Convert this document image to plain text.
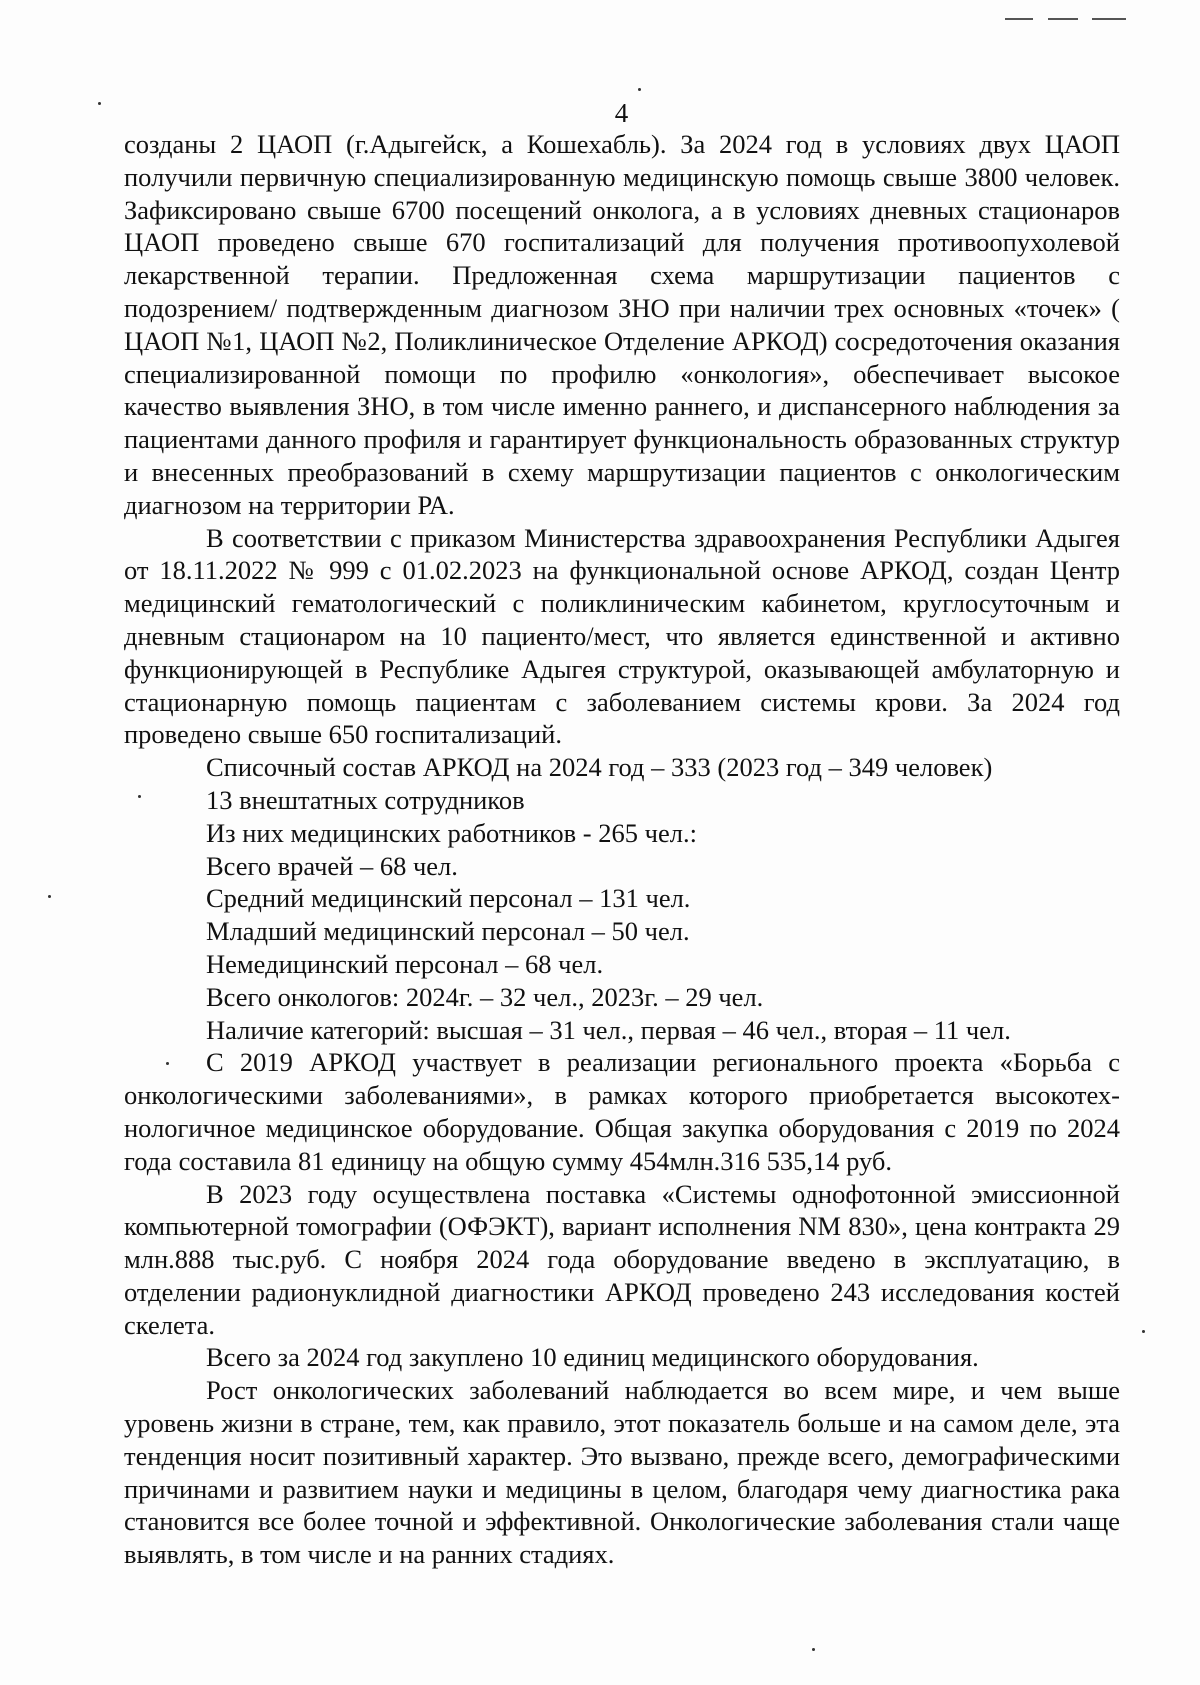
4

созданы 2 ЦАОП (г.Адыгейск, а Кошехабль). За 2024 год в условиях двух ЦАОП получили первичную специализированную медицинскую помощь свыше 3800 человек. Зафиксировано свыше 6700 посещений онколога, а в условиях дневных стационаров ЦАОП проведено свыше 670 госпитализаций для получения противоопухолевой лекарственной терапии. Предложенная схема маршрутизации пациентов с подозрением/ подтвержденным диагнозом ЗНО при наличии трех основных «точек» ( ЦАОП №1, ЦАОП №2, Поликлиническое Отделение АРКОД) сосредоточения оказания специализированной помощи по профилю «онкология», обеспечивает высокое качество выявления ЗНО, в том числе именно раннего, и диспансерного наблюдения за пациентами данного профиля и гарантирует функциональность образованных структур и внесенных преобразований в схему маршрутизации пациентов с онкологическим диагнозом на территории РА.

В соответствии с приказом Министерства здравоохранения Республики Адыгея от 18.11.2022 № 999 с 01.02.2023 на функциональной основе АРКОД, создан Центр медицинский гематологический с поликлиническим кабинетом, круглосуточным и дневным стационаром на 10 пациенто/мест, что является единственной и активно функционирующей в Республике Адыгея структурой, оказывающей амбулаторную и стационарную помощь пациентам с заболеванием системы крови. За 2024 год проведено свыше 650 госпитализаций.

Списочный состав АРКОД на 2024 год – 333 (2023 год – 349 человек)

13 внештатных сотрудников

Из них медицинских работников - 265 чел.:

Всего врачей – 68 чел.

Средний медицинский персонал – 131 чел.

Младший медицинский персонал – 50 чел.

Немедицинский персонал – 68 чел.

Всего онкологов: 2024г. – 32 чел., 2023г. – 29 чел.

Наличие категорий: высшая – 31 чел., первая – 46 чел., вторая – 11 чел.

С 2019 АРКОД участвует в реализации регионального проекта «Борьба с онкологическими заболеваниями», в рамках которого приобретается высокотехнологичное медицинское оборудование. Общая закупка оборудования с 2019 по 2024 года составила 81 единицу на общую сумму 454млн.316 535,14 руб.

В 2023 году осуществлена поставка «Системы однофотонной эмиссионной компьютерной томографии (ОФЭКТ), вариант исполнения NM 830», цена контракта 29 млн.888 тыс.руб. С ноября 2024 года оборудование введено в эксплуатацию, в отделении радионуклидной диагностики АРКОД проведено 243 исследования костей скелета.

Всего за 2024 год закуплено 10 единиц медицинского оборудования.

Рост онкологических заболеваний наблюдается во всем мире, и чем выше уровень жизни в стране, тем, как правило, этот показатель больше и на самом деле, эта тенденция носит позитивный характер. Это вызвано, прежде всего, демографическими причинами и развитием науки и медицины в целом, благодаря чему диагностика рака становится все более точной и эффективной. Онкологические заболевания стали чаще выявлять, в том числе и на ранних стадиях.
